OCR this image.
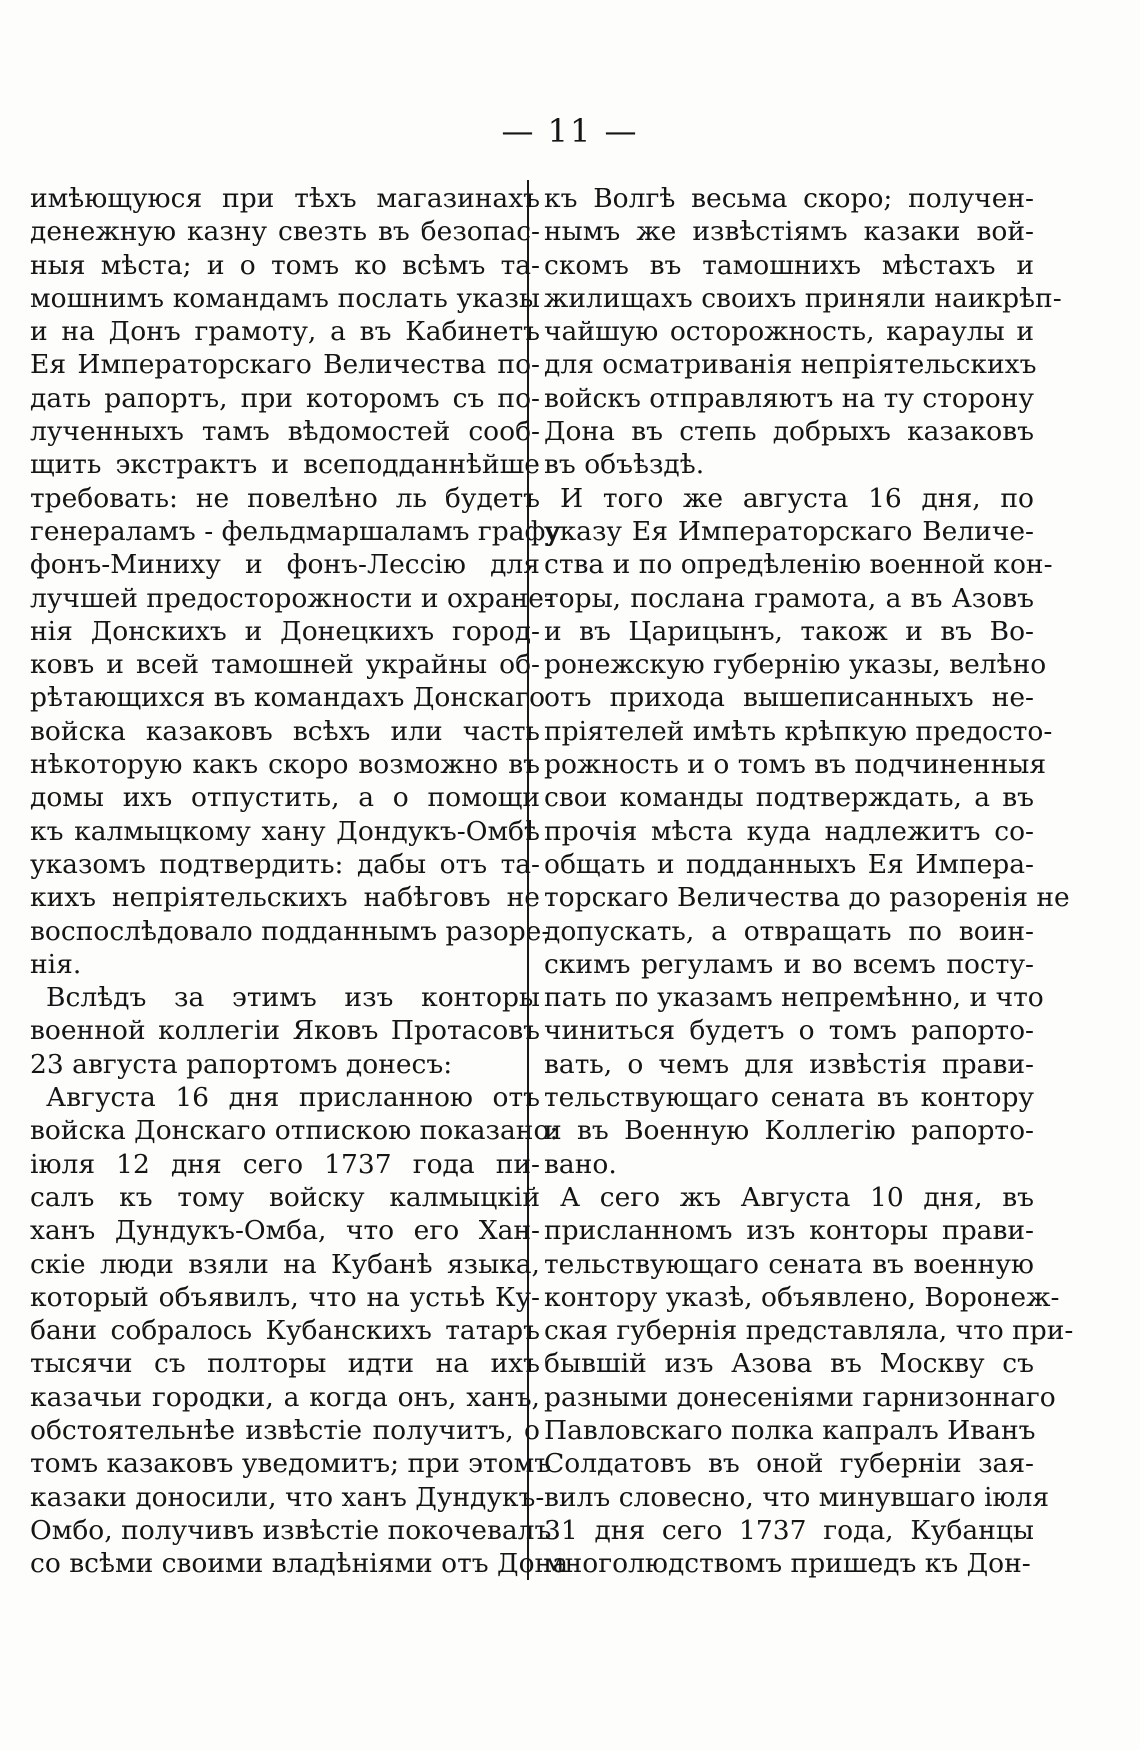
— 11 —
имѣющуюся при тѣхъ магазинахъ
денежную казну свезть въ безопас-
ныя мѣста; и о томъ ко всѣмъ та-
мошнимъ командамъ послать указы
и на Донъ грамоту, а въ Кабинетъ
Ея Императорскаго Величества по-
дать рапортъ, при которомъ съ по-
лученныхъ тамъ вѣдомостей сооб-
щить экстрактъ и всеподданнѣйше
требовать: не повелѣно ль будетъ
генераламъ - фельдмаршаламъ графу
фонъ-Миниху и фонъ-Лессію для
лучшей предосторожности и охране-
нія Донскихъ и Донецкихъ город-
ковъ и всей тамошней украйны об-
рѣтающихся въ командахъ Донскаго
войска казаковъ всѣхъ или часть
нѣкоторую какъ скоро возможно въ
домы ихъ отпустить, а о помощи
къ калмыцкому хану Дондукъ-Омбѣ
указомъ подтвердить: дабы отъ та-
кихъ непріятельскихъ набѣговъ не
воспослѣдовало подданнымъ разоре-
нія.
Вслѣдъ за этимъ изъ конторы
военной коллегіи Яковъ Протасовъ
23 августа рапортомъ донесъ:
Августа 16 дня присланною отъ
войска Донскаго отпискою показано:
іюля 12 дня сего 1737 года пи-
салъ къ тому войску калмыцкій
ханъ Дундукъ-Омба, что его Хан-
скіе люди взяли на Кубанѣ языка,
который объявилъ, что на устьѣ Ку-
бани собралось Кубанскихъ татаръ
тысячи съ полторы идти на ихъ
казачьи городки, а когда онъ, ханъ,
обстоятельнѣе извѣстіе получитъ, о
томъ казаковъ уведомитъ; при этомъ
казаки доносили, что ханъ Дундукъ-
Омбо, получивъ извѣстіе покочевалъ
со всѣми своими владѣніями отъ Дона
къ Волгѣ весьма скоро; получен-
нымъ же извѣстіямъ казаки вой-
скомъ въ тамошнихъ мѣстахъ и
жилищахъ своихъ приняли наикрѣп-
чайшую осторожность, караулы и
для осматриванія непріятельскихъ
войскъ отправляютъ на ту сторону
Дона въ степь добрыхъ казаковъ
въ объѣздѣ.
И того же августа 16 дня, по
указу Ея Императорскаго Величе-
ства и по опредѣленію военной кон-
торы, послана грамота, а въ Азовъ
и въ Царицынъ, також и въ Во-
ронежскую губернію указы, велѣно
отъ прихода вышеписанныхъ не-
пріятелей имѣть крѣпкую предосто-
рожность и о томъ въ подчиненныя
свои команды подтверждать, а въ
прочія мѣста куда надлежитъ со-
общать и подданныхъ Ея Импера-
торскаго Величества до разоренія не
допускать, а отвращать по воин-
скимъ регуламъ и во всемъ посту-
пать по указамъ непремѣнно, и что
чиниться будетъ о томъ рапорто-
вать, о чемъ для извѣстія прави-
тельствующаго сената въ контору
и въ Военную Коллегію рапорто-
вано.
А сего жъ Августа 10 дня, въ
присланномъ изъ конторы прави-
тельствующаго сената въ военную
контору указѣ, объявлено, Воронеж-
ская губернія представляла, что при-
бывшій изъ Азова въ Москву съ
разными донесеніями гарнизоннаго
Павловскаго полка капралъ Иванъ
Солдатовъ въ оной губерніи зая-
вилъ словесно, что минувшаго іюля
31 дня сего 1737 года, Кубанцы
многолюдствомъ пришедъ къ Дон-
